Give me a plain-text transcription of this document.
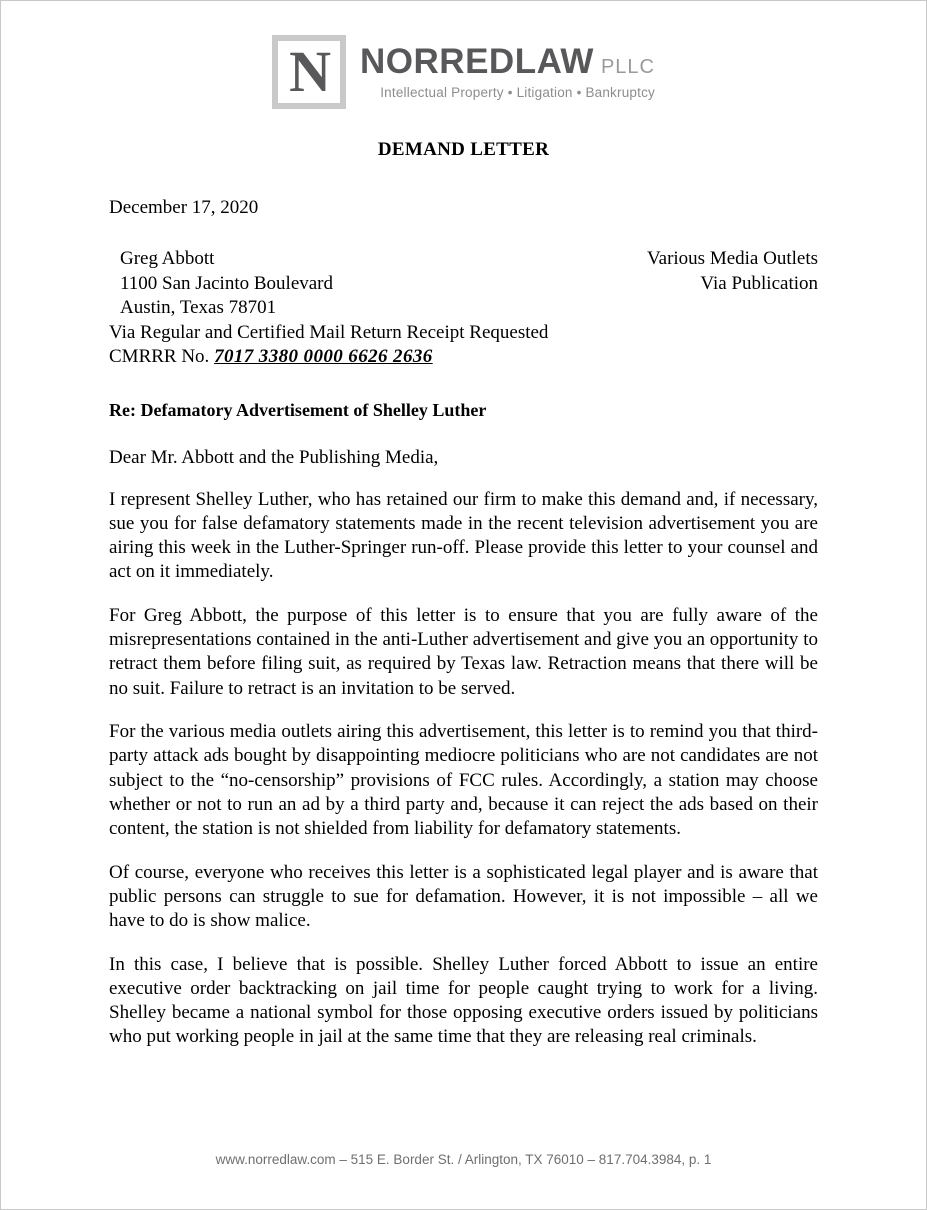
N NORREDLAW PLLC
Intellectual Property • Litigation • Bankruptcy
DEMAND LETTER
December 17, 2020
Greg Abbott	Various Media Outlets
1100 San Jacinto Boulevard	Via Publication
Austin, Texas 78701
Via Regular and Certified Mail Return Receipt Requested
CMRRR No. 7017 3380 0000 6626 2636
Re: Defamatory Advertisement of Shelley Luther
Dear Mr. Abbott and the Publishing Media,

I represent Shelley Luther, who has retained our firm to make this demand and, if necessary, sue you for false defamatory statements made in the recent television advertisement you are airing this week in the Luther-Springer run-off. Please provide this letter to your counsel and act on it immediately.

For Greg Abbott, the purpose of this letter is to ensure that you are fully aware of the misrepresentations contained in the anti-Luther advertisement and give you an opportunity to retract them before filing suit, as required by Texas law. Retraction means that there will be no suit. Failure to retract is an invitation to be served.

For the various media outlets airing this advertisement, this letter is to remind you that third-party attack ads bought by disappointing mediocre politicians who are not candidates are not subject to the “no-censorship” provisions of FCC rules. Accordingly, a station may choose whether or not to run an ad by a third party and, because it can reject the ads based on their content, the station is not shielded from liability for defamatory statements.

Of course, everyone who receives this letter is a sophisticated legal player and is aware that public persons can struggle to sue for defamation. However, it is not impossible – all we have to do is show malice.

In this case, I believe that is possible. Shelley Luther forced Abbott to issue an entire executive order backtracking on jail time for people caught trying to work for a living. Shelley became a national symbol for those opposing executive orders issued by politicians who put working people in jail at the same time that they are releasing real criminals.

www.norredlaw.com – 515 E. Border St. / Arlington, TX 76010 – 817.704.3984, p. 1
